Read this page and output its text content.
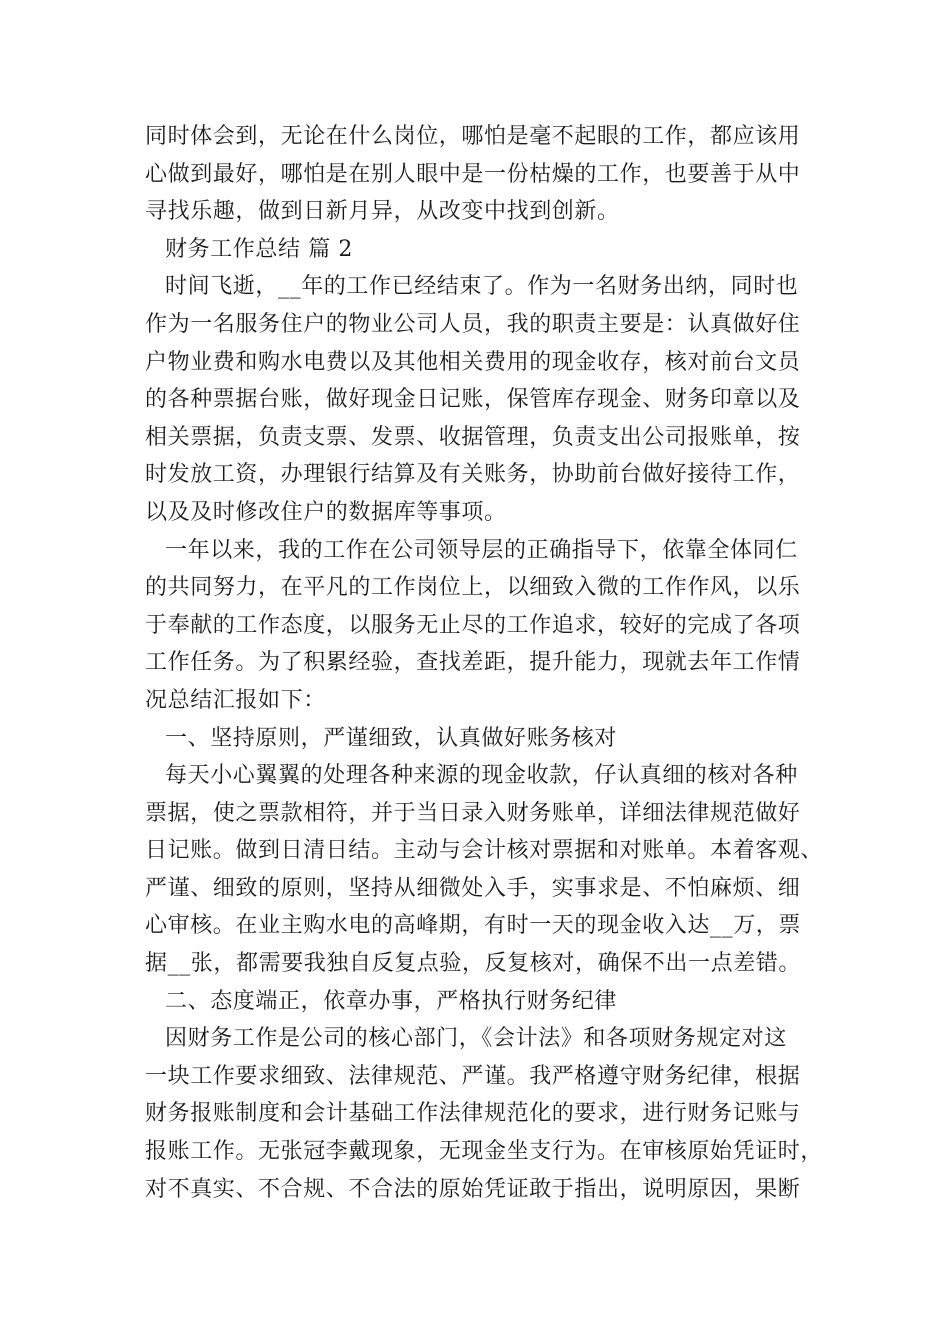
同时体会到，无论在什么岗位，哪怕是毫不起眼的工作，都应该用
心做到最好，哪怕是在别人眼中是一份枯燥的工作，也要善于从中
寻找乐趣，做到日新月异，从改变中找到创新。

财务工作总结 篇 2

时间飞逝，__年的工作已经结束了。作为一名财务出纳，同时也
作为一名服务住户的物业公司人员，我的职责主要是：认真做好住
户物业费和购水电费以及其他相关费用的现金收存，核对前台文员
的各种票据台账，做好现金日记账，保管库存现金、财务印章以及
相关票据，负责支票、发票、收据管理，负责支出公司报账单，按
时发放工资，办理银行结算及有关账务，协助前台做好接待工作，
以及及时修改住户的数据库等事项。

一年以来，我的工作在公司领导层的正确指导下，依靠全体同仁
的共同努力，在平凡的工作岗位上，以细致入微的工作作风，以乐
于奉献的工作态度，以服务无止尽的工作追求，较好的完成了各项
工作任务。为了积累经验，查找差距，提升能力，现就去年工作情
况总结汇报如下：

一、坚持原则，严谨细致，认真做好账务核对

每天小心翼翼的处理各种来源的现金收款，仔认真细的核对各种
票据，使之票款相符，并于当日录入财务账单，详细法律规范做好
日记账。做到日清日结。主动与会计核对票据和对账单。本着客观、
严谨、细致的原则，坚持从细微处入手，实事求是、不怕麻烦、细
心审核。在业主购水电的高峰期，有时一天的现金收入达__万，票
据__张，都需要我独自反复点验，反复核对，确保不出一点差错。

二、态度端正，依章办事，严格执行财务纪律

因财务工作是公司的核心部门，《会计法》和各项财务规定对这
一块工作要求细致、法律规范、严谨。我严格遵守财务纪律，根据
财务报账制度和会计基础工作法律规范化的要求，进行财务记账与
报账工作。无张冠李戴现象，无现金坐支行为。在审核原始凭证时，
对不真实、不合规、不合法的原始凭证敢于指出，说明原因，果断
